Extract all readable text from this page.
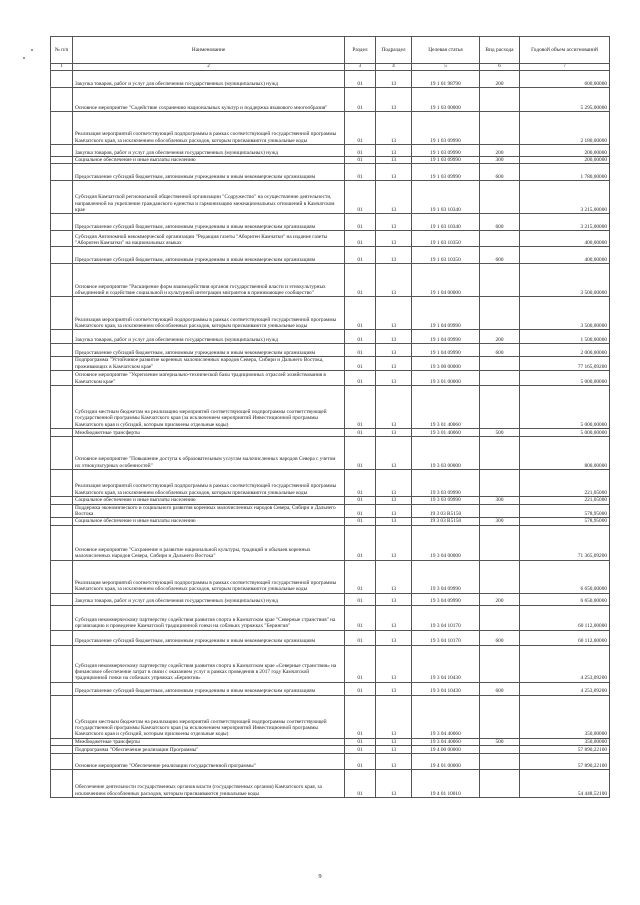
№ п/п	Наименование	Раздел	Подраздел	Целевая статья	Вид расхода	Годовой объем ассигнований
1	2	3	4	5	6	7
	Закупка товаров, работ и услуг для обеспечения государственных (муниципальных) нужд	01	13	19 1 01 98790	200	600,00000
	Основное мероприятие "Содействие сохранению национальных культур и поддержка языкового многообразия"	01	13	19 1 03 00000		5 295,00000
	Реализация мероприятий соответствующей подпрограммы в рамках соответствующей государственной программы Камчатского края, за исключением обособленных расходов, которым присваиваются уникальные коды	01	13	19 1 03 09990		2 180,00000
	Закупка товаров, работ и услуг для обеспечения государственных (муниципальных) нужд	01	13	19 1 03 09990	200	200,00000
	Социальное обеспечение и иные выплаты населению	01	13	19 1 03 09990	300	200,00000
	Предоставление субсидий бюджетным, автономным учреждениям и иным некоммерческим организациям	01	13	19 1 03 09990	600	1 780,00000
	Субсидия Камчатской региональной общественной организации "Содружество" на осуществление деятельности, направленной на укрепление гражданского единства и гармонизацию межнациональных отношений в Камчатском крае	01	13	19 1 03 10340		3 215,00000
	Предоставление субсидий бюджетным, автономным учреждениям и иным некоммерческим организациям	01	13	19 1 03 10340	600	3 215,00000
	Субсидия Автономной некоммерческой организации "Редакция газеты "Абориген Камчатки" на издание газеты "Абориген Камчатки" на национальных языках	01	13	19 1 03 10350		400,00000
	Предоставление субсидий бюджетным, автономным учреждениям и иным некоммерческим организациям	01	13	19 1 03 10350	600	400,00000
	Основное мероприятие "Расширение форм взаимодействия органов государственной власти и этнокультурных объединений и содействие социальной и культурной интеграции мигрантов в принимающее сообщество"	01	13	19 1 04 00000		3 500,00000
	Реализация мероприятий соответствующей подпрограммы в рамках соответствующей государственной программы Камчатского края, за исключением обособленных расходов, которым присваиваются уникальные коды	01	13	19 1 04 09990		3 500,00000
	Закупка товаров, работ и услуг для обеспечения государственных (муниципальных) нужд	01	13	19 1 04 09990	200	1 500,00000
	Предоставление субсидий бюджетным, автономным учреждениям и иным некоммерческим организациям	01	13	19 1 04 09990	600	2 000,00000
	Подпрограмма "Устойчивое развитие коренных малочисленных народов Севера, Сибири и Дальнего Востока, проживающих в Камчатском крае"	01	13	19 3 00 00000		77 165,09200
	Основное мероприятие "Укрепление материально-технической базы традиционных отраслей хозяйствования в Камчатском крае"	01	13	19 3 01 00000		5 000,00000
	Субсидии местным бюджетам на реализацию мероприятий соответствующей подпрограммы соответствующей государственной программы Камчатского края (за исключением мероприятий Инвестиционной программы Камчатского края и субсидий, которым присвоены отдельные коды)	01	13	19 3 01 40060		5 000,00000
	Межбюджетные трансферты	01	13	19 3 01 40060	500	5 000,00000
	Основное мероприятие "Повышение доступа к образовательным услугам малочисленных народов Севера с учетом их этнокультурных особенностей"	01	13	19 3 03 00000		800,00000
	Реализация мероприятий соответствующей подпрограммы в рамках соответствующей государственной программы Камчатского края, за исключением обособленных расходов, которым присваиваются уникальные коды	01	13	19 3 03 09990		221,05000
	Социальное обеспечение и иные выплаты населению	01	13	19 3 03 09990	300	221,05000
	Поддержка экономического и социального развития коренных малочисленных народов Севера, Сибири и Дальнего Востока	01	13	19 3 03 R5150		578,95000
	Социальное обеспечение и иные выплаты населению	01	13	19 3 03 R5150	300	578,95000
	Основное мероприятие "Сохранение и развитие национальной культуры, традиций и обычаев коренных малочисленных народов Севера, Сибири и Дальнего Востока"	01	13	19 3 04 00000		71 365,09200
	Реализация мероприятий соответствующей подпрограммы в рамках соответствующей государственной программы Камчатского края, за исключением обособленных расходов, которым присваиваются уникальные коды	01	13	19 3 04 09990		6 650,00000
	Закупка товаров, работ и услуг для обеспечения государственных (муниципальных) нужд	01	13	19 3 04 09990	200	6 650,00000
	Субсидия некоммерческому партнерству содействия развития спорта в Камчатском крае "Северные странствия" на организацию и проведение Камчатской традиционной гонки на собачьих упряжках "Берингия"	01	13	19 3 04 10170		60 112,00000
	Предоставление субсидий бюджетным, автономным учреждениям и иным некоммерческим организациям	01	13	19 3 04 10170	600	60 112,00000
	Субсидия некоммерческому партнерству содействия развития спорта в Камчатском крае «Северные странствия» на финансовое обеспечение затрат в связи с оказанием услуг в рамках проведения в 2017 году Камчатской традиционной гонки на собачьих упряжках «Берингия»	01	13	19 3 04 10430		4 253,09200
	Предоставление субсидий бюджетным, автономным учреждениям и иным некоммерческим организациям	01	13	19 3 04 10430	600	4 253,09200
	Субсидии местным бюджетам на реализацию мероприятий соответствующей подпрограммы соответствующей государственной программы Камчатского края (за исключением мероприятий Инвестиционной программы Камчатского края и субсидий, которым присвоены отдельные коды)	01	13	19 3 04 40060		350,00000
	Межбюджетные трансферты	01	13	19 3 04 40060	500	350,00000
	Подпрограмма "Обеспечение реализации Программы"	01	13	19 4 00 00000		57 890,22100
	Основное мероприятие "Обеспечение реализации государственной программы"	01	13	19 4 01 00000		57 890,22100
	Обеспечение деятельности государственных органов власти (государственных органов) Камчатского края, за исключением обособленных расходов, которым присваиваются уникальные коды	01	13	19 4 01 10010		54 448,52100
9
